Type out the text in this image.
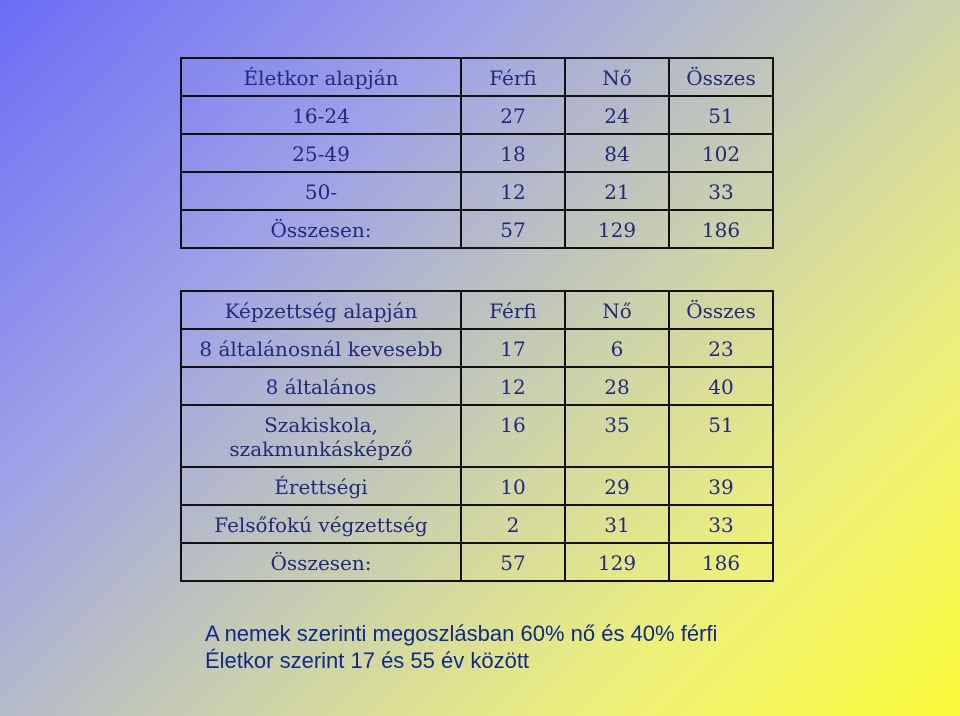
Életkor alapján	Férfi	Nő	Összes
16-24	27	24	51
25-49	18	84	102
50-	12	21	33
Összesen:	57	129	186
Képzettség alapján	Férfi	Nő	Összes
8 általánosnál kevesebb	17	6	23
8 általános	12	28	40
Szakiskola, szakmunkásképző	16	35	51
Érettségi	10	29	39
Felsőfokú végzettség	2	31	33
Összesen:	57	129	186
A nemek szerinti megoszlásban 60% nő és 40% férfi
Életkor szerint 17 és 55 év között
